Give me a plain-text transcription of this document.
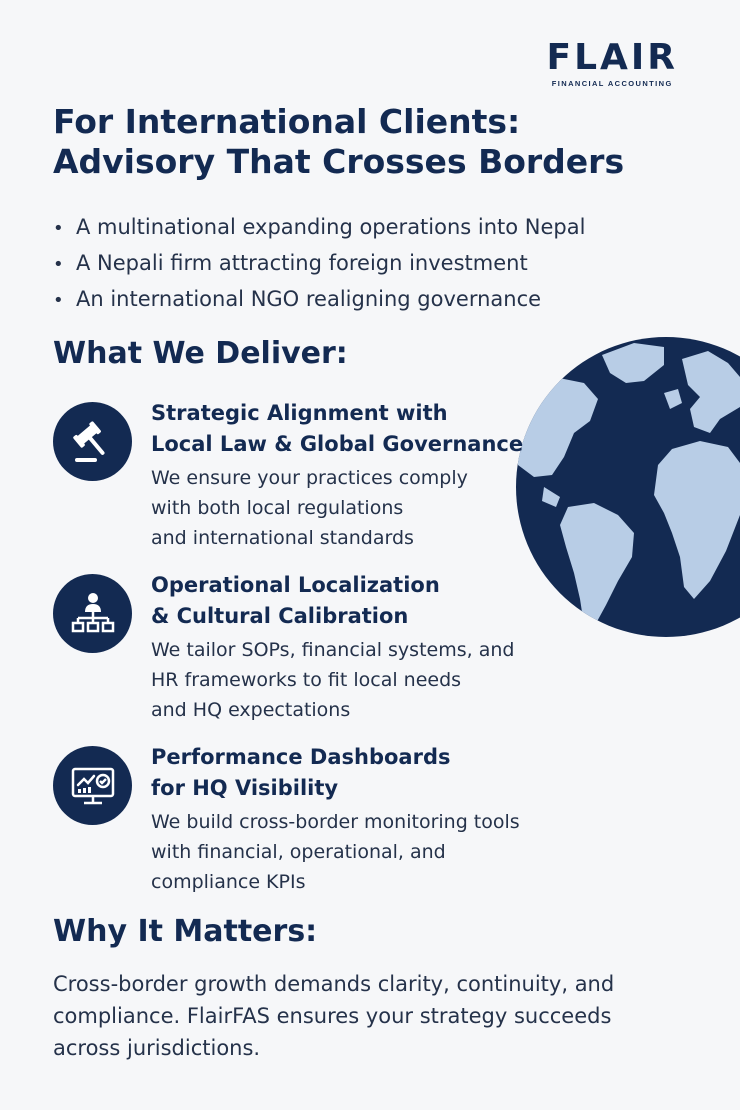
FLAIR
FINANCIAL ACCOUNTING
For International Clients:
Advisory That Crosses Borders
• A multinational expanding operations into Nepal
• A Nepali firm attracting foreign investment
• An international NGO realigning governance
What We Deliver:
Strategic Alignment with
Local Law & Global Governance
We ensure your practices comply
with both local regulations
and international standards
Operational Localization
& Cultural Calibration
We tailor SOPs, financial systems, and
HR frameworks to fit local needs
and HQ expectations
Performance Dashboards
for HQ Visibility
We build cross-border monitoring tools
with financial, operational, and
compliance KPIs
Why It Matters:

Cross-border growth demands clarity, continuity, and
compliance. FlairFAS ensures your strategy succeeds
across jurisdictions.
